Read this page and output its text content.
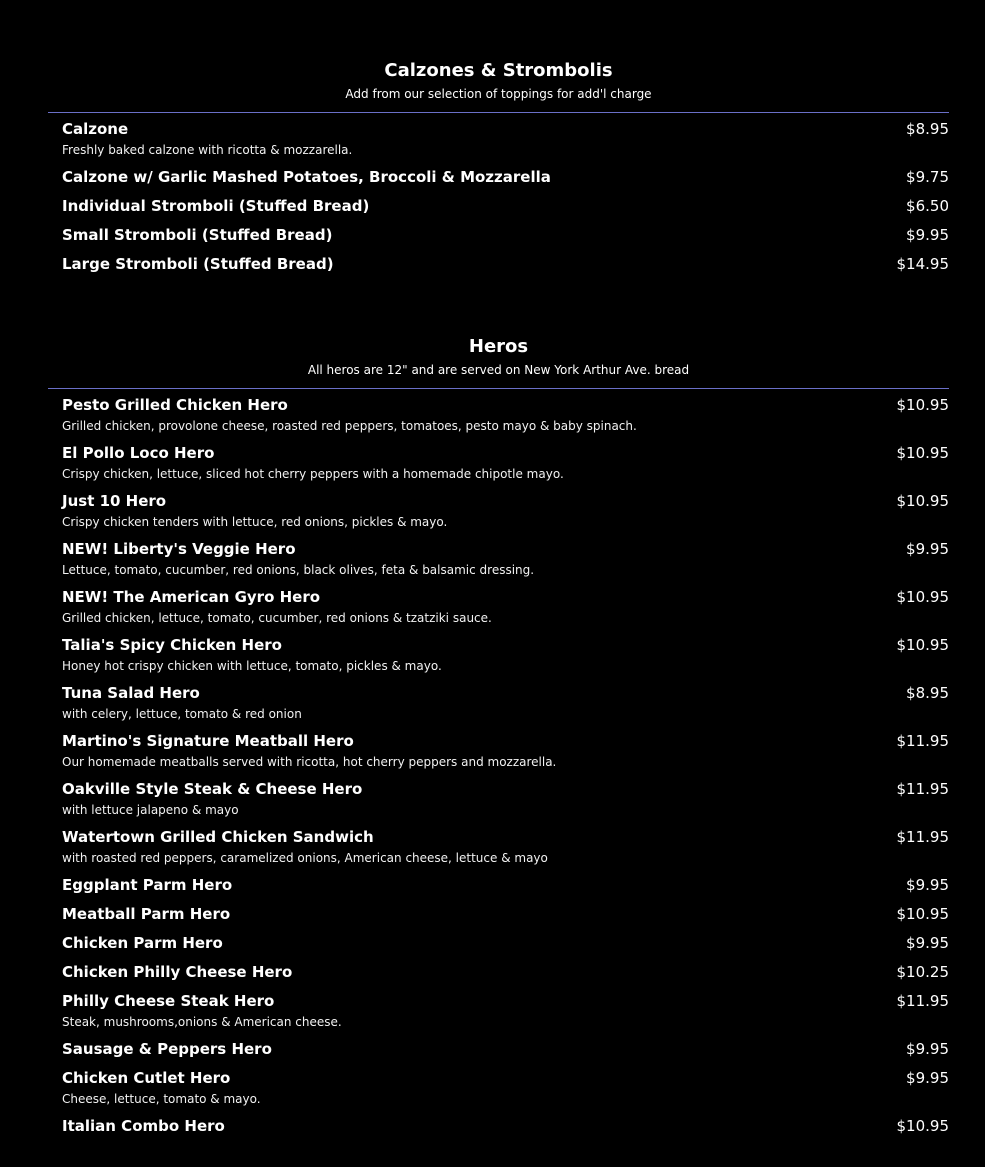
Calzones & Strombolis
Add from our selection of toppings for add'l charge
Calzone	$8.95
Freshly baked calzone with ricotta & mozzarella.
Calzone w/ Garlic Mashed Potatoes, Broccoli & Mozzarella	$9.75
Individual Stromboli (Stuffed Bread)	$6.50
Small Stromboli (Stuffed Bread)	$9.95
Large Stromboli (Stuffed Bread)	$14.95
Heros
All heros are 12" and are served on New York Arthur Ave. bread
Pesto Grilled Chicken Hero	$10.95
Grilled chicken, provolone cheese, roasted red peppers, tomatoes, pesto mayo & baby spinach.
El Pollo Loco Hero	$10.95
Crispy chicken, lettuce, sliced hot cherry peppers with a homemade chipotle mayo.
Just 10 Hero	$10.95
Crispy chicken tenders with lettuce, red onions, pickles & mayo.
NEW! Liberty's Veggie Hero	$9.95
Lettuce, tomato, cucumber, red onions, black olives, feta & balsamic dressing.
NEW! The American Gyro Hero	$10.95
Grilled chicken, lettuce, tomato, cucumber, red onions & tzatziki sauce.
Talia's Spicy Chicken Hero	$10.95
Honey hot crispy chicken with lettuce, tomato, pickles & mayo.
Tuna Salad Hero	$8.95
with celery, lettuce, tomato & red onion
Martino's Signature Meatball Hero	$11.95
Our homemade meatballs served with ricotta, hot cherry peppers and mozzarella.
Oakville Style Steak & Cheese Hero	$11.95
with lettuce jalapeno & mayo
Watertown Grilled Chicken Sandwich	$11.95
with roasted red peppers, caramelized onions, American cheese, lettuce & mayo
Eggplant Parm Hero	$9.95
Meatball Parm Hero	$10.95
Chicken Parm Hero	$9.95
Chicken Philly Cheese Hero	$10.25
Philly Cheese Steak Hero	$11.95
Steak, mushrooms,onions & American cheese.
Sausage & Peppers Hero	$9.95
Chicken Cutlet Hero	$9.95
Cheese, lettuce, tomato & mayo.
Italian Combo Hero	$10.95
